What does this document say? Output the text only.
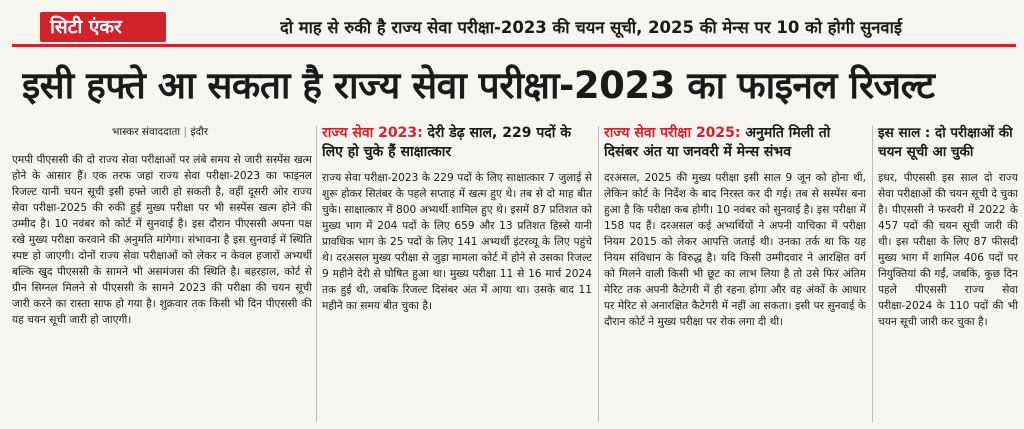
सिटी एंकर	दो माह से रुकी है राज्य सेवा परीक्षा-2023 की चयन सूची, 2025 की मेन्स पर 10 को होगी सुनवाई
इसी हफ्ते आ सकता है राज्य सेवा परीक्षा-2023 का फाइनल रिजल्ट
भास्कर संवाददाता | इंदौर

एमपी पीएससी की दो राज्य सेवा परीक्षाओं पर लंबे समय से जारी सस्पेंस खत्म होने के आसार हैं। एक तरफ जहां राज्य सेवा परीक्षा-2023 का फाइनल रिजल्ट यानी चयन सूची इसी हफ्ते जारी हो सकती है, वहीं दूसरी ओर राज्य सेवा परीक्षा-2025 की रुकी हुई मुख्य परीक्षा पर भी सस्पेंस खत्म होने की उम्मीद है। 10 नवंबर को कोर्ट में सुनवाई है। इस दौरान पीएससी अपना पक्ष रखे मुख्य परीक्षा करवाने की अनुमति मांगेगा। संभावना है इस सुनवाई में स्थिति स्पष्ट हो जाएगी। दोनों राज्य सेवा परीक्षाओं को लेकर न केवल हजारों अभ्यर्थी बल्कि खुद पीएससी के सामने भी असमंजस की स्थिति है। बहरहाल, कोर्ट से ग्रीन सिग्नल मिलने से पीएससी के सामने 2023 की परीक्षा की चयन सूची जारी करने का रास्ता साफ हो गया है। शुक्रवार तक किसी भी दिन पीएससी की यह चयन सूची जारी हो जाएगी।

राज्य सेवा 2023: देरी डेढ़ साल, 229 पदों के लिए हो चुके हैं साक्षात्कार

राज्य सेवा परीक्षा-2023 के 229 पदों के लिए साक्षात्कार 7 जुलाई से शुरू होकर सितंबर के पहले सप्ताह में खत्म हुए थे। तब से दो माह बीत चुके। साक्षात्कार में 800 अभ्यर्थी शामिल हुए थे। इसमें 87 प्रतिशत को मुख्य भाग में 204 पदों के लिए 659 और 13 प्रतिशत हिस्से यानी प्रावधिक भाग के 25 पदों के लिए 141 अभ्यर्थी इंटरव्यू के लिए पहुंचे थे। दरअसल मुख्य परीक्षा से जुड़ा मामला कोर्ट में होने से उसका रिजल्ट 9 महीने देरी से घोषित हुआ था। मुख्य परीक्षा 11 से 16 मार्च 2024 तक हुई थी, जबकि रिजल्ट दिसंबर अंत में आया था। उसके बाद 11 महीने का समय बीत चुका है।

राज्य सेवा परीक्षा 2025: अनुमति मिली तो दिसंबर अंत या जनवरी में मेन्स संभव

दरअसल, 2025 की मुख्य परीक्षा इसी साल 9 जून को होना थी, लेकिन कोर्ट के निर्देश के बाद निरस्त कर दी गई। तब से सस्पेंस बना हुआ है कि परीक्षा कब होगी। 10 नवंबर को सुनवाई है। इस परीक्षा में 158 पद हैं। दरअसल कई अभ्यर्थियों ने अपनी याचिका में परीक्षा नियम 2015 को लेकर आपत्ति जताई थी। उनका तर्क था कि यह नियम संविधान के विरुद्ध है। यदि किसी उम्मीदवार ने आरक्षित वर्ग को मिलने वाली किसी भी छूट का लाभ लिया है तो उसे फिर अंतिम मेरिट तक अपनी कैटेगरी में ही रहना होगा और वह अंकों के आधार पर मेरिट से अनारक्षित कैटेगरी में नहीं आ सकता। इसी पर सुनवाई के दौरान कोर्ट ने मुख्य परीक्षा पर रोक लगा दी थी।

इस साल : दो परीक्षाओं की चयन सूची आ चुकी

इधर, पीएससी इस साल दो राज्य सेवा परीक्षाओं की चयन सूची दे चुका है। पीएससी ने फरवरी में 2022 के 457 पदों की चयन सूची जारी की थी। इस परीक्षा के लिए 87 फीसदी मुख्य भाग में शामिल 406 पदों पर नियुक्तियां की गईं, जबकि, कुछ दिन पहले पीएससी राज्य सेवा परीक्षा-2024 के 110 पदों की भी चयन सूची जारी कर चुका है।
